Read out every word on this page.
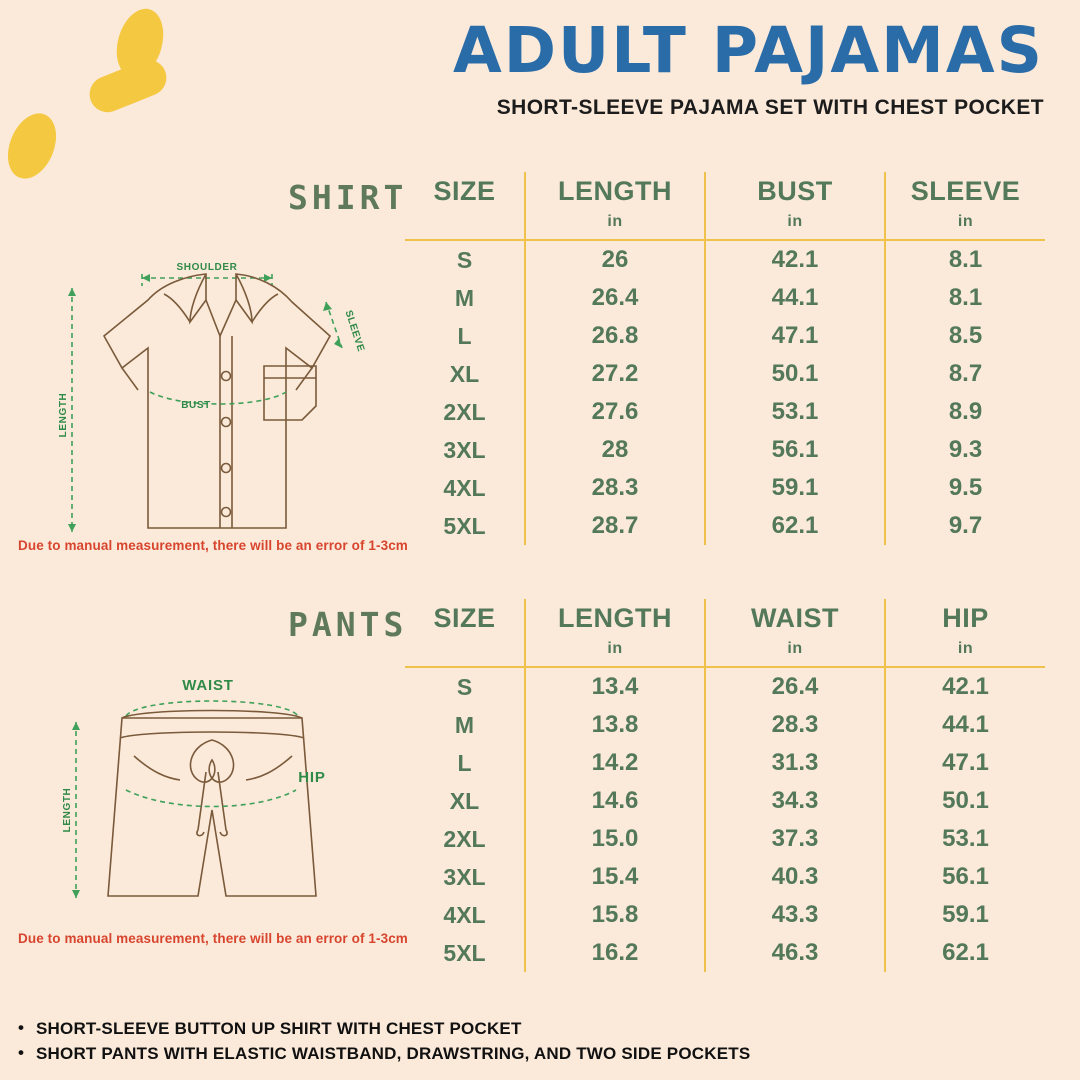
ADULT PAJAMAS
SHORT-SLEEVE PAJAMA SET WITH CHEST POCKET
SHIRT
SHOULDER
LENGTH
SLEEVE
BUST
Due to manual measurement, there will be an error of 1-3cm
SIZE	LENGTH	BUST	SLEEVE
	in	in	in
S	26	42.1	8.1
M	26.4	44.1	8.1
L	26.8	47.1	8.5
XL	27.2	50.1	8.7
2XL	27.6	53.1	8.9
3XL	28	56.1	9.3
4XL	28.3	59.1	9.5
5XL	28.7	62.1	9.7
PANTS
WAIST
LENGTH
HIP
Due to manual measurement, there will be an error of 1-3cm
SIZE	LENGTH	WAIST	HIP
	in	in	in
S	13.4	26.4	42.1
M	13.8	28.3	44.1
L	14.2	31.3	47.1
XL	14.6	34.3	50.1
2XL	15.0	37.3	53.1
3XL	15.4	40.3	56.1
4XL	15.8	43.3	59.1
5XL	16.2	46.3	62.1
• SHORT-SLEEVE BUTTON UP SHIRT WITH CHEST POCKET
• SHORT PANTS WITH ELASTIC WAISTBAND, DRAWSTRING, AND TWO SIDE POCKETS
